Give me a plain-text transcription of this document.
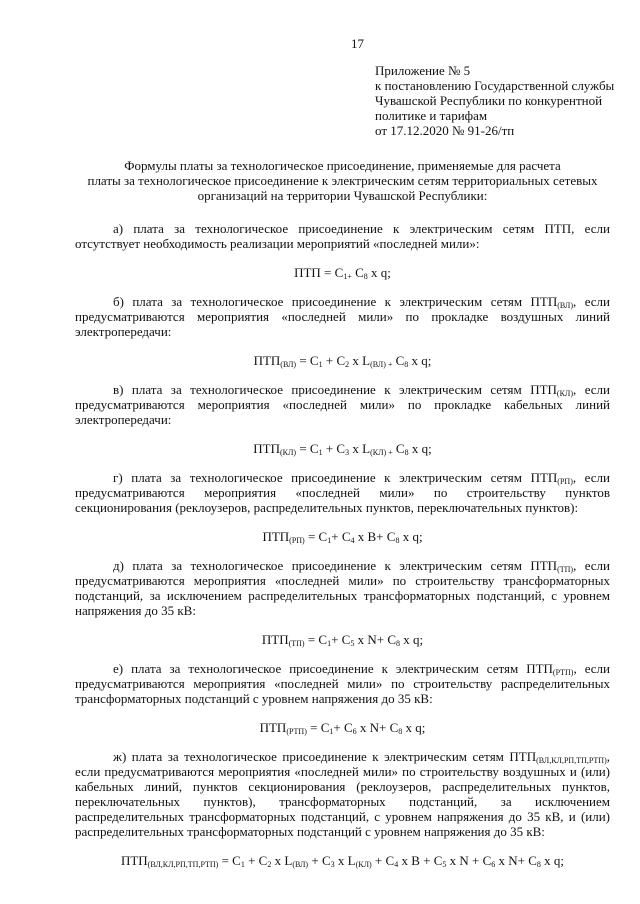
17
Приложение № 5
к постановлению Государственной службы
Чувашской Республики по конкурентной
политике и тарифам
от 17.12.2020 № 91-26/тп
Формулы платы за технологическое присоединение, применяемые для расчета
платы за технологическое присоединение к электрическим сетям территориальных сетевых
организаций на территории Чувашской Республики:

а) плата за технологическое присоединение к электрическим сетям ПТП, если отсутствует необходимость реализации мероприятий «последней мили»:

ПТП = $C_{1+}$ $C_8$ x q;

б) плата за технологическое присоединение к электрическим сетям $ПТП_{(ВЛ)}$, если предусматриваются мероприятия «последней мили» по прокладке воздушных линий электропередачи:

$ПТП_{(ВЛ)} = C_1 + C_2$ x $L_{(ВЛ) +}$ $C_8$ x q;

в) плата за технологическое присоединение к электрическим сетям $ПТП_{(КЛ)}$, если предусматриваются мероприятия «последней мили» по прокладке кабельных линий электропередачи:

$ПТП_{(КЛ)} = C_1 + C_3$ x $L_{(КЛ) +}$ $C_8$ x q;

г) плата за технологическое присоединение к электрическим сетям $ПТП_{(РП)}$, если предусматриваются мероприятия «последней мили» по строительству пунктов секционирования (реклоузеров, распределительных пунктов, переключательных пунктов):

$ПТП_{(РП)} = C_1+ C_4$ x $B+ C_8$ x q;

д) плата за технологическое присоединение к электрическим сетям $ПТП_{(ТП)}$, если предусматриваются мероприятия «последней мили» по строительству трансформаторных подстанций, за исключением распределительных трансформаторных подстанций, с уровнем напряжения до 35 кВ:

$ПТП_{(ТП)} = C_1+ C_5$ x $N+ C_8$ x q;

е) плата за технологическое присоединение к электрическим сетям $ПТП_{(РТП)}$, если предусматриваются мероприятия «последней мили» по строительству распределительных трансформаторных подстанций с уровнем напряжения до 35 кВ:

$ПТП_{(РТП)} = C_1+ C_6$ x $N+ C_8$ x q;

ж) плата за технологическое присоединение к электрическим сетям $ПТП_{(ВЛ,КЛ,РП,ТП,РТП)}$, если предусматриваются мероприятия «последней мили» по строительству воздушных и (или) кабельных линий, пунктов секционирования (реклоузеров, распределительных пунктов, переключательных пунктов), трансформаторных подстанций, за исключением распределительных трансформаторных подстанций, с уровнем напряжения до 35 кВ, и (или) распределительных трансформаторных подстанций с уровнем напряжения до 35 кВ:

$ПТП_{(ВЛ,КЛ,РП,ТП,РТП)} = C_1 + C_2$ x $L_{(ВЛ)} + C_3$ x $L_{(КЛ)} + C_4$ x $B + C_5$ x $N + C_6$ x $N+ C_8$ x q;
